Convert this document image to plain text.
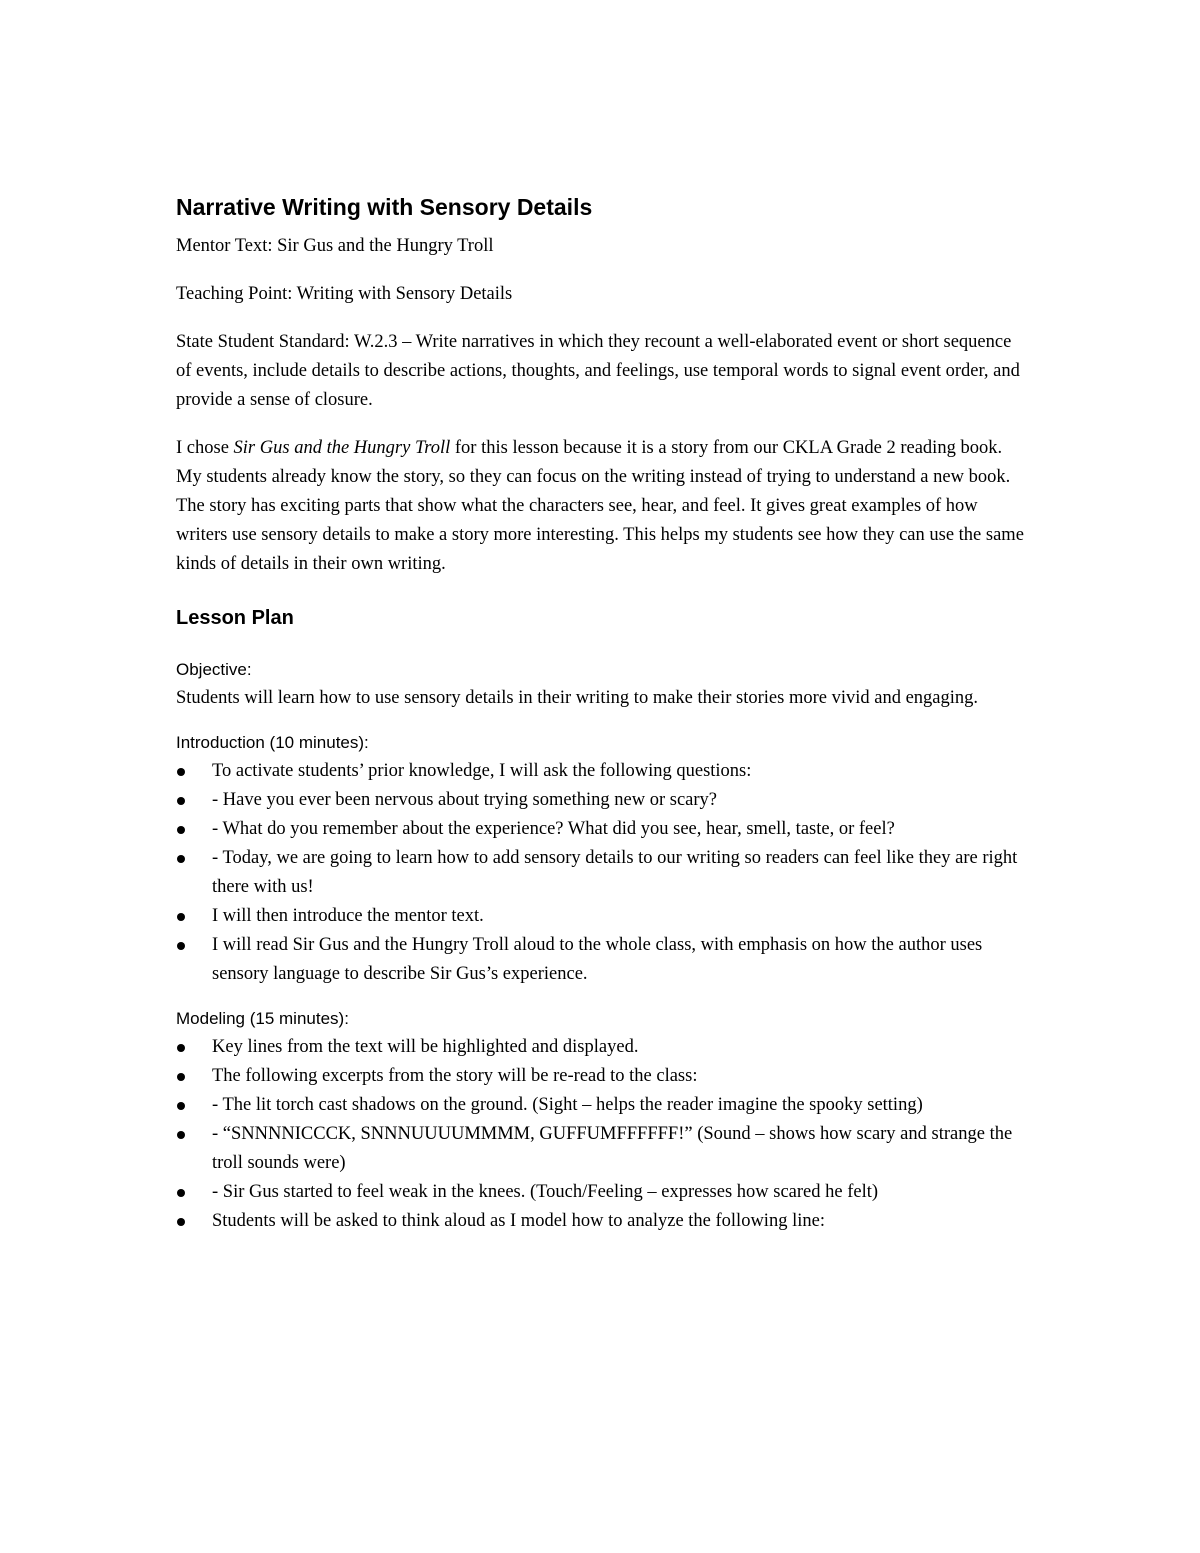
Narrative Writing with Sensory Details

Mentor Text: Sir Gus and the Hungry Troll

Teaching Point: Writing with Sensory Details

State Student Standard: W.2.3 – Write narratives in which they recount a well-elaborated event or short sequence of events, include details to describe actions, thoughts, and feelings, use temporal words to signal event order, and provide a sense of closure.

I chose Sir Gus and the Hungry Troll for this lesson because it is a story from our CKLA Grade 2 reading book. My students already know the story, so they can focus on the writing instead of trying to understand a new book. The story has exciting parts that show what the characters see, hear, and feel. It gives great examples of how writers use sensory details to make a story more interesting. This helps my students see how they can use the same kinds of details in their own writing.

Lesson Plan
Objective:
Students will learn how to use sensory details in their writing to make their stories more vivid and engaging.

Introduction (10 minutes):

To activate students’ prior knowledge, I will ask the following questions:
- Have you ever been nervous about trying something new or scary?
- What do you remember about the experience? What did you see, hear, smell, taste, or feel?
- Today, we are going to learn how to add sensory details to our writing so readers can feel like they are right there with us!
I will then introduce the mentor text.
I will read Sir Gus and the Hungry Troll aloud to the whole class, with emphasis on how the author uses sensory language to describe Sir Gus’s experience.

Modeling (15 minutes):

Key lines from the text will be highlighted and displayed.
The following excerpts from the story will be re-read to the class:
- The lit torch cast shadows on the ground. (Sight – helps the reader imagine the spooky setting)
- “SNNNNICCCK, SNNNUUUUMMMM, GUFFUMFFFFFF!” (Sound – shows how scary and strange the troll sounds were)
- Sir Gus started to feel weak in the knees. (Touch/Feeling – expresses how scared he felt)
Students will be asked to think aloud as I model how to analyze the following line:
